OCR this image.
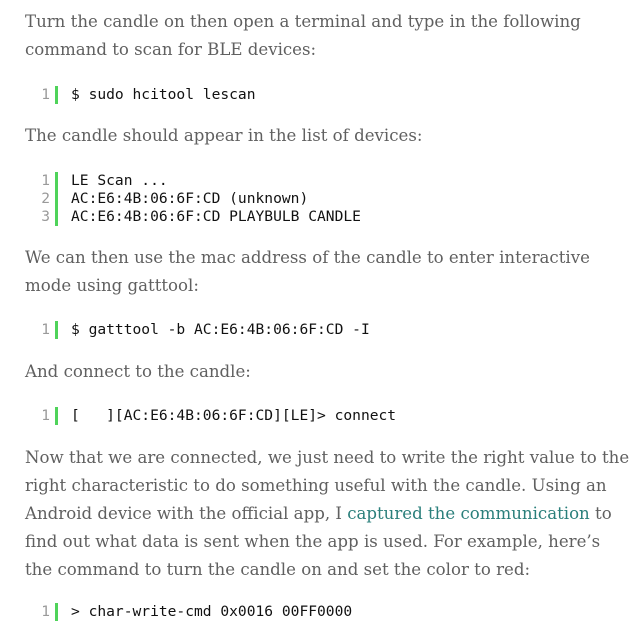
Turn the candle on then open a terminal and type in the following command to scan for BLE devices:

1 $ sudo hcitool lescan

The candle should appear in the list of devices:

1
2
3
LE Scan ...
AC:E6:4B:06:6F:CD (unknown)
AC:E6:4B:06:6F:CD PLAYBULB CANDLE

We can then use the mac address of the candle to enter interactive mode using gatttool:

1 $ gatttool -b AC:E6:4B:06:6F:CD -I

And connect to the candle:

1 [   ][AC:E6:4B:06:6F:CD][LE]> connect

Now that we are connected, we just need to write the right value to the right characteristic to do something useful with the candle. Using an Android device with the official app, I captured the communication to find out what data is sent when the app is used. For example, here’s the command to turn the candle on and set the color to red:

1 > char-write-cmd 0x0016 00FF0000
